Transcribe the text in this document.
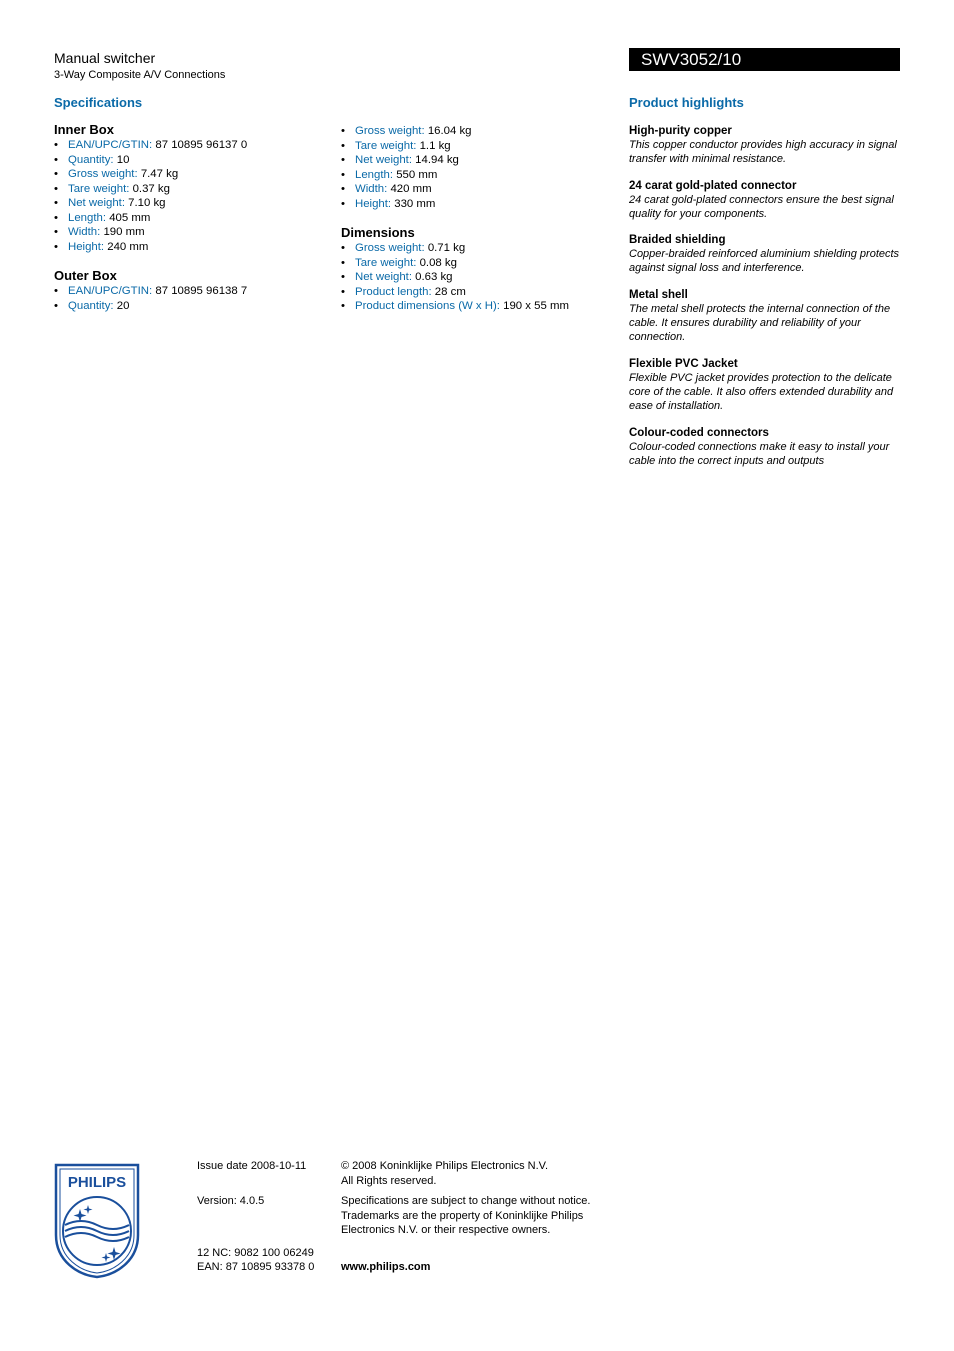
Manual switcher
3-Way Composite A/V Connections
SWV3052/10
Specifications	Product highlights
Inner Box
• EAN/UPC/GTIN: 87 10895 96137 0
• Quantity: 10
• Gross weight: 7.47 kg
• Tare weight: 0.37 kg
• Net weight: 7.10 kg
• Length: 405 mm
• Width: 190 mm
• Height: 240 mm
Outer Box
• EAN/UPC/GTIN: 87 10895 96138 7
• Quantity: 20
• Gross weight: 16.04 kg
• Tare weight: 1.1 kg
• Net weight: 14.94 kg
• Length: 550 mm
• Width: 420 mm
• Height: 330 mm
Dimensions
• Gross weight: 0.71 kg
• Tare weight: 0.08 kg
• Net weight: 0.63 kg
• Product length: 28 cm
• Product dimensions (W x H): 190 x 55 mm
High-purity copper
This copper conductor provides high accuracy in signal transfer with minimal resistance.
24 carat gold-plated connector
24 carat gold-plated connectors ensure the best signal quality for your components.
Braided shielding
Copper-braided reinforced aluminium shielding protects against signal loss and interference.
Metal shell
The metal shell protects the internal connection of the cable. It ensures durability and reliability of your connection.
Flexible PVC Jacket
Flexible PVC jacket provides protection to the delicate core of the cable. It also offers extended durability and ease of installation.
Colour-coded connectors
Colour-coded connections make it easy to install your cable into the correct inputs and outputs
PHILIPS
Issue date 2008-10-11
Version: 4.0.5
12 NC: 9082 100 06249
EAN: 87 10895 93378 0
© 2008 Koninklijke Philips Electronics N.V.
All Rights reserved.
Specifications are subject to change without notice.
Trademarks are the property of Koninklijke Philips
Electronics N.V. or their respective owners.
www.philips.com
